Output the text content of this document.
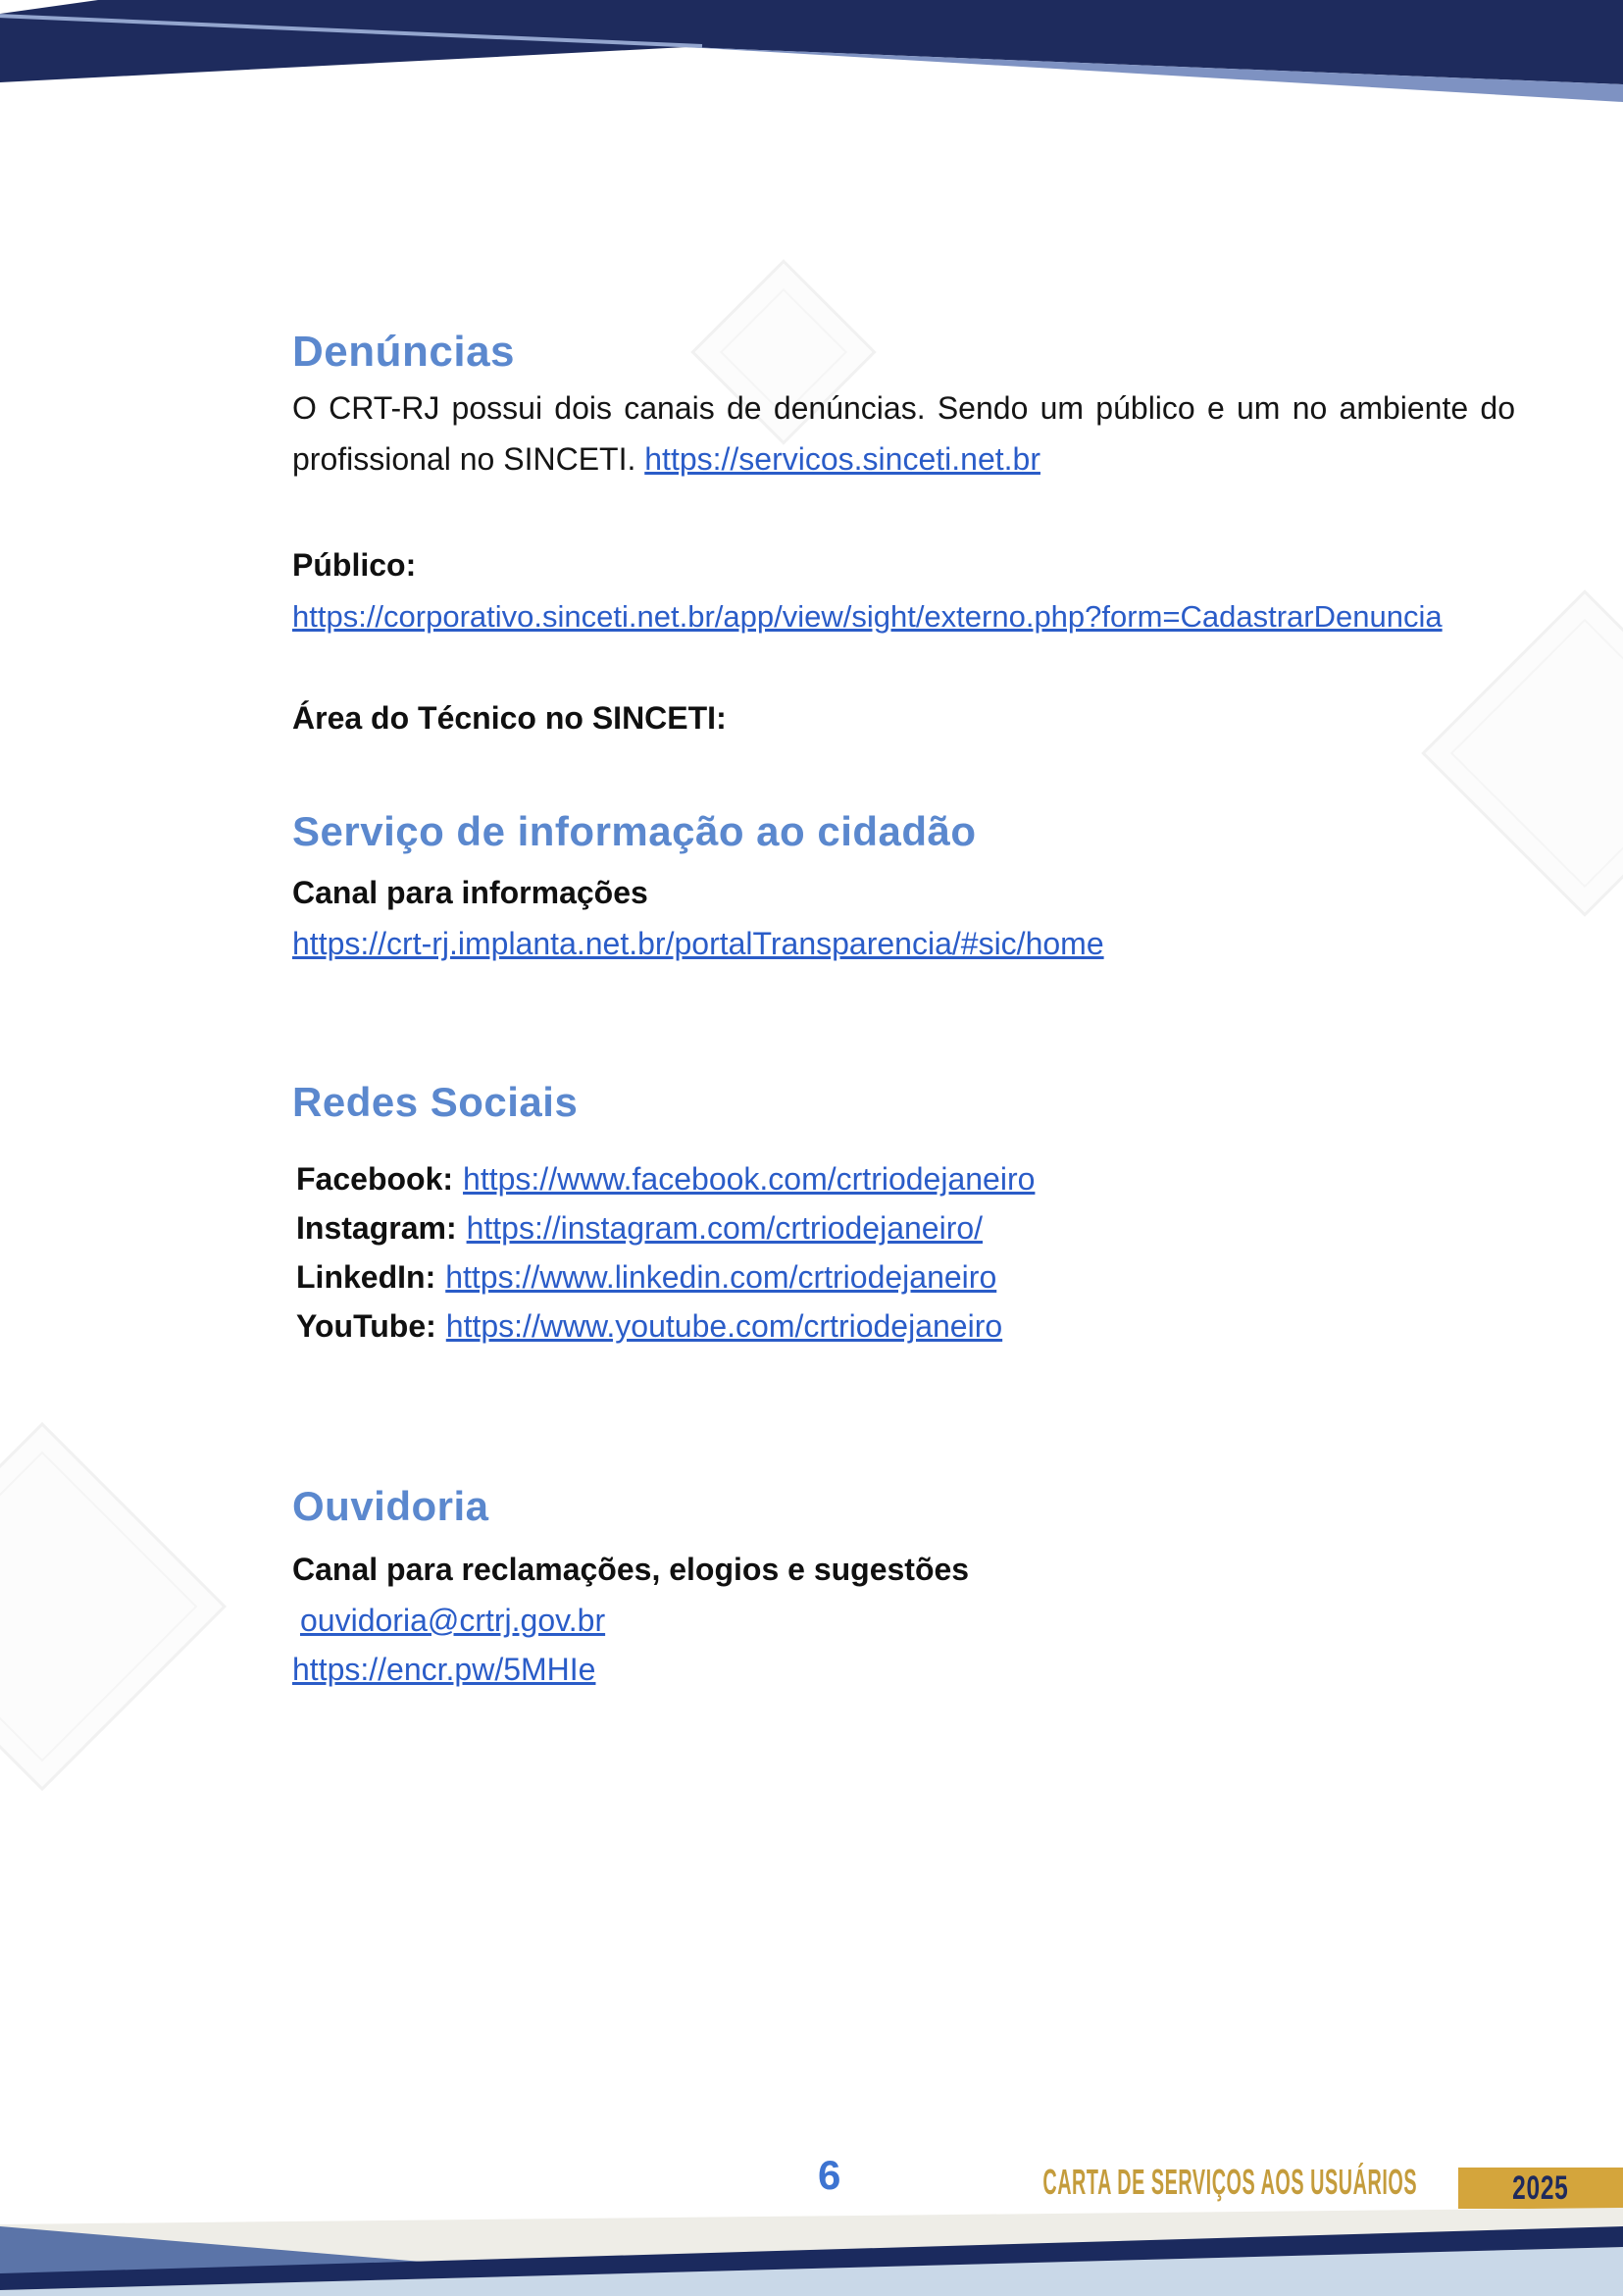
Denúncias

O CRT-RJ possui dois canais de denúncias. Sendo um público e um no ambiente do profissional no SINCETI. https://servicos.sinceti.net.br

Público:
https://corporativo.sinceti.net.br/app/view/sight/externo.php?form=CadastrarDenuncia
Área do Técnico no SINCETI:
Serviço de informação ao cidadão
Canal para informações
https://crt-rj.implanta.net.br/portalTransparencia/#sic/home
Redes Sociais
Facebook: https://www.facebook.com/crtriodejaneiro
Instagram: https://instagram.com/crtriodejaneiro/
LinkedIn: https://www.linkedin.com/crtriodejaneiro
YouTube: https://www.youtube.com/crtriodejaneiro
Ouvidoria
Canal para reclamações, elogios e sugestões
ouvidoria@crtrj.gov.br
https://encr.pw/5MHIe
6	CARTA DE SERVIÇOS AOS USUÁRIOS	2025
